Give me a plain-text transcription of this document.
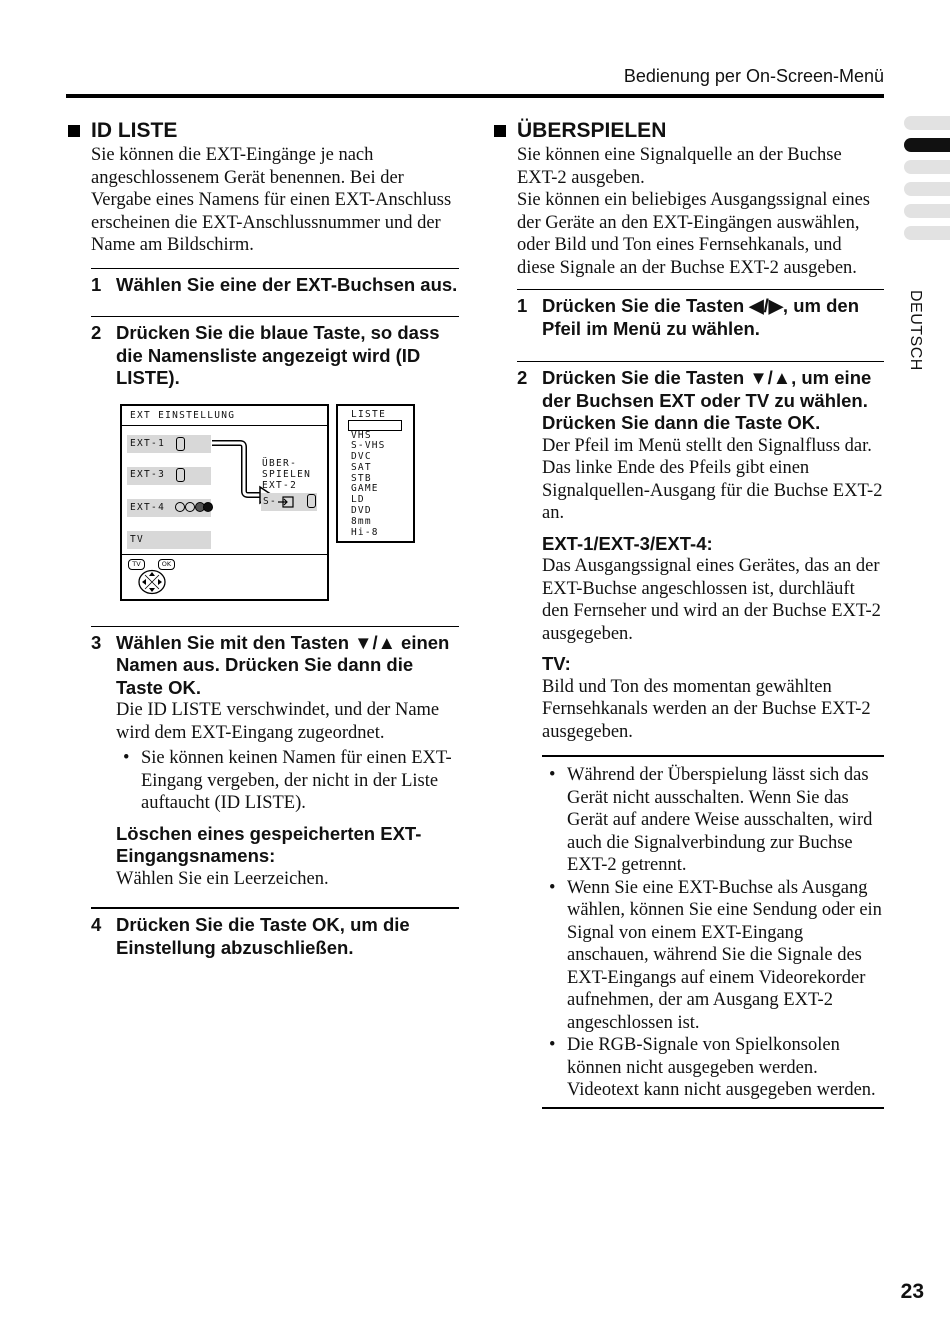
Bedienung per On-Screen-Menü
DEUTSCH
ID LISTE

Sie können die EXT-Eingänge je nach angeschlossenem Gerät benennen. Bei der Vergabe eines Namens für einen EXT-Anschluss erscheinen die EXT-Anschlussnummer und der Name am Bildschirm.

1 Wählen Sie eine der EXT-Buchsen aus.
2 Drücken Sie die blaue Taste, so dass die Namensliste angezeigt wird (ID LISTE).
EXT EINSTELLUNG
EXT-1
EXT-3
EXT-4
TV
ÜBER-
SPIELEN
EXT-2
S-
TV	OK
LISTE
VHS
S-VHS
DVC
SAT
STB
GAME
LD
DVD
8mm
Hi-8
3 Wählen Sie mit den Tasten ▼/▲ einen Namen aus. Drücken Sie dann die Taste OK.

Die ID LISTE verschwindet, und der Name wird dem EXT-Eingang zugeordnet.

• Sie können keinen Namen für einen EXT-Eingang vergeben, der nicht in der Liste auftaucht (ID LISTE).
Löschen eines gespeicherten EXT-Eingangsnamens:

Wählen Sie ein Leerzeichen.

4 Drücken Sie die Taste OK, um die Einstellung abzuschließen.
ÜBERSPIELEN

Sie können eine Signalquelle an der Buchse EXT-2 ausgeben.

Sie können ein beliebiges Ausgangssignal eines der Geräte an den EXT-Eingängen auswählen, oder Bild und Ton eines Fernsehkanals, und diese Signale an der Buchse EXT-2 ausgeben.

1 Drücken Sie die Tasten ◀/▶, um den Pfeil im Menü zu wählen.
2 Drücken Sie die Tasten ▼/▲, um eine der Buchsen EXT oder TV zu wählen.
Drücken Sie dann die Taste OK.

Der Pfeil im Menü stellt den Signalfluss dar. Das linke Ende des Pfeils gibt einen Signalquellen-Ausgang für die Buchse EXT-2 an.

EXT-1/EXT-3/EXT-4:

Das Ausgangssignal eines Gerätes, das an der EXT-Buchse angeschlossen ist, durchläuft den Fernseher und wird an der Buchse EXT-2 ausgegeben.

TV:

Bild und Ton des momentan gewählten Fernsehkanals werden an der Buchse EXT-2 ausgegeben.

• Während der Überspielung lässt sich das Gerät nicht ausschalten. Wenn Sie das Gerät auf andere Weise ausschalten, wird auch die Signalverbindung zur Buchse EXT-2 getrennt.
• Wenn Sie eine EXT-Buchse als Ausgang wählen, können Sie eine Sendung oder ein Signal von einem EXT-Eingang anschauen, während Sie die Signale des EXT-Eingangs auf einem Videorekorder aufnehmen, der am Ausgang EXT-2 angeschlossen ist.
• Die RGB-Signale von Spielkonsolen können nicht ausgegeben werden. Videotext kann nicht ausgegeben werden.
23
